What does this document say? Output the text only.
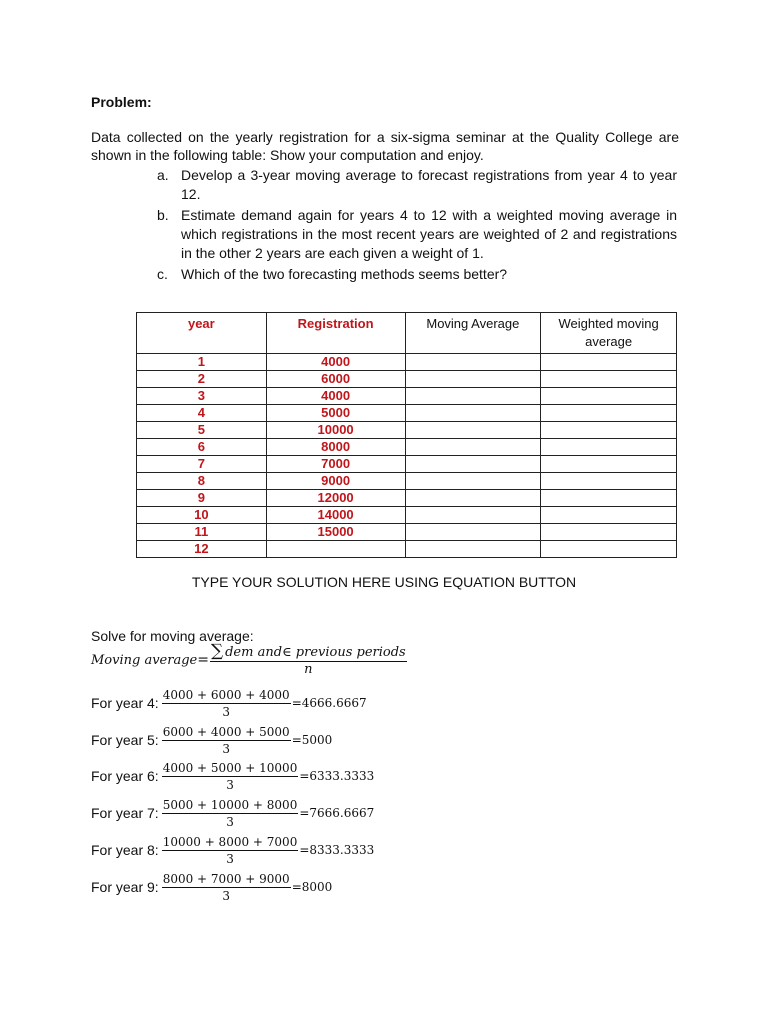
Problem:

Data collected on the yearly registration for a six-sigma seminar at the Quality College are shown in the following table: Show your computation and enjoy.

a. Develop a 3-year moving average to forecast registrations from year 4 to year 12.
b. Estimate demand again for years 4 to 12 with a weighted moving average in which registrations in the most recent years are weighted of 2 and registrations in the other 2 years are each given a weight of 1.
c. Which of the two forecasting methods seems better?
year	Registration	Moving Average	Weighted moving average
1	4000		
2	6000		
3	4000		
4	5000		
5	10000		
6	8000		
7	7000		
8	9000		
9	12000		
10	14000		
11	15000		
12			
TYPE YOUR SOLUTION HERE USING EQUATION BUTTON
Solve for moving average:
Moving average = $\frac{\text{∑ dem and∈ previous periods}}{n}$
For year 4: $\frac{4000 + 6000 + 4000}{3} =4666.6667$
For year 5: $\frac{6000 + 4000 + 5000}{3} =5000$
For year 6: $\frac{4000 + 5000 + 10000}{3} =6333.3333$
For year 7: $\frac{5000 + 10000 + 8000}{3} =7666.6667$
For year 8: $\frac{10000 + 8000 + 7000}{3} =8333.3333$
For year 9: $\frac{8000 + 7000 + 9000}{3} =8000$
